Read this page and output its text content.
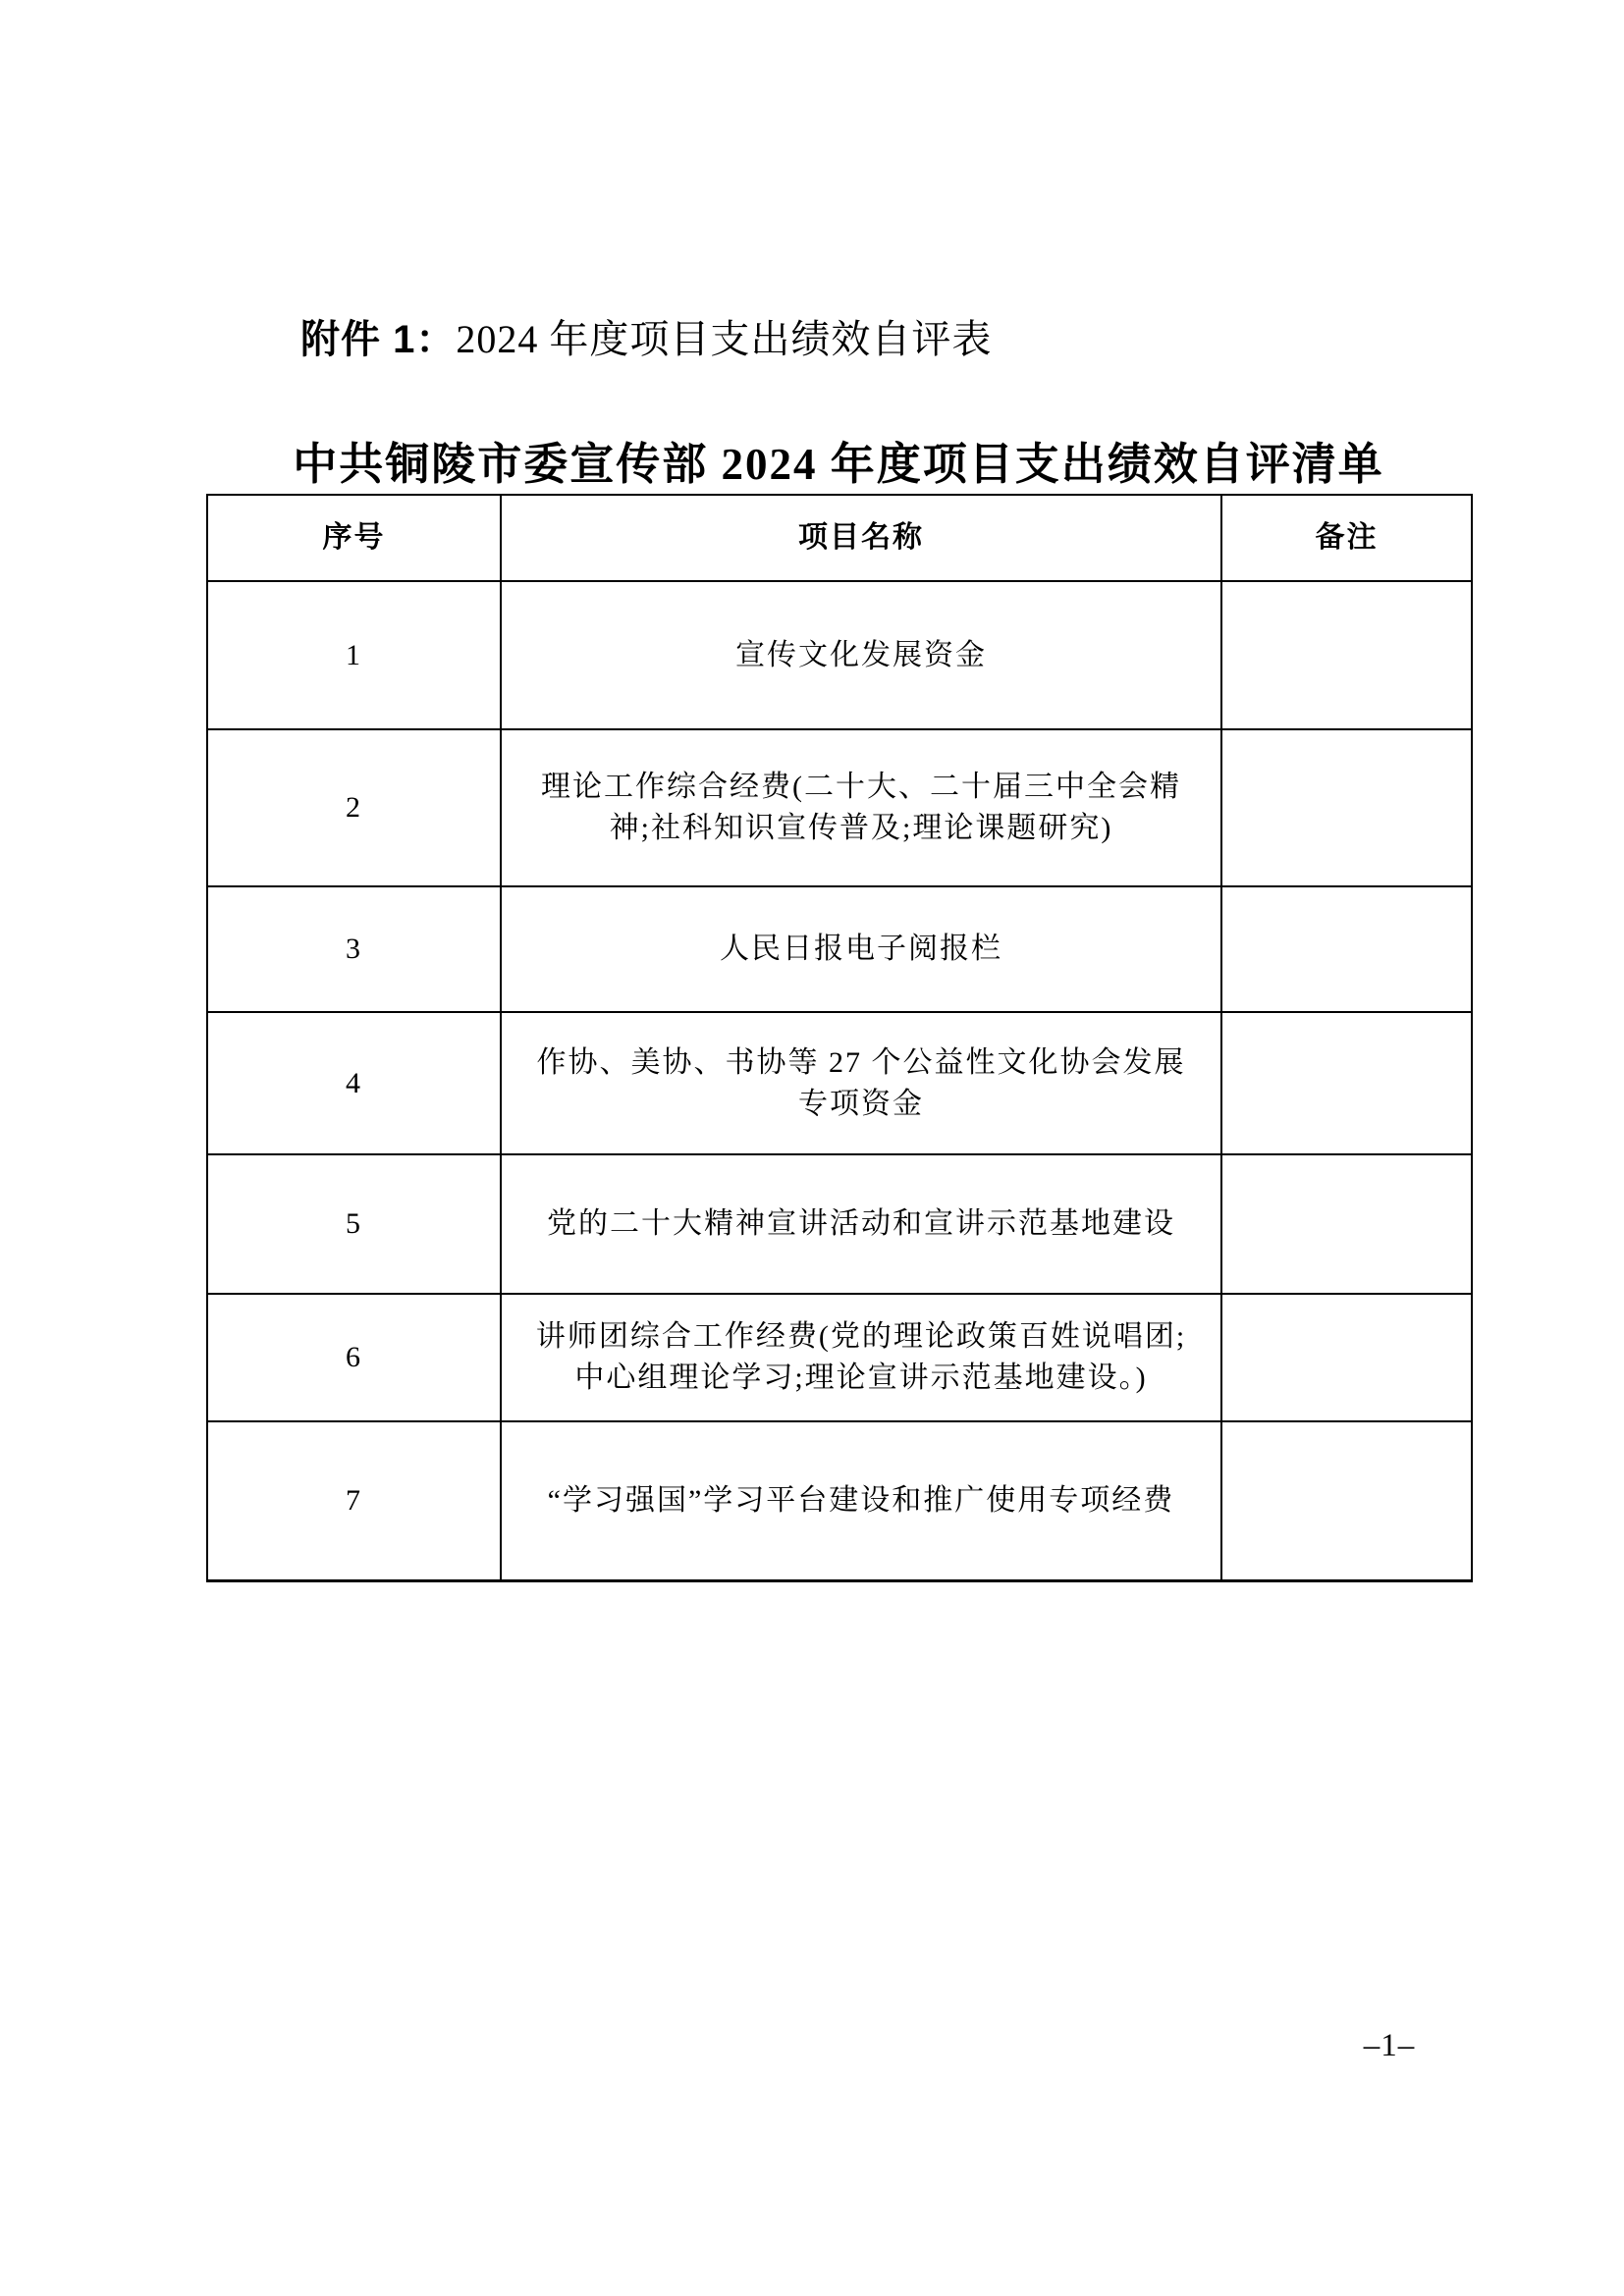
附件 1：2024 年度项目支出绩效自评表
中共铜陵市委宣传部 2024 年度项目支出绩效自评清单
序号	项目名称	备注
1	宣传文化发展资金	
2	理论工作综合经费(二十大、二十届三中全会精神;社科知识宣传普及;理论课题研究)	
3	人民日报电子阅报栏	
4	作协、美协、书协等 27 个公益性文化协会发展专项资金	
5	党的二十大精神宣讲活动和宣讲示范基地建设	
6	讲师团综合工作经费(党的理论政策百姓说唱团;中心组理论学习;理论宣讲示范基地建设。)	
7	“学习强国”学习平台建设和推广使用专项经费	
–1–
